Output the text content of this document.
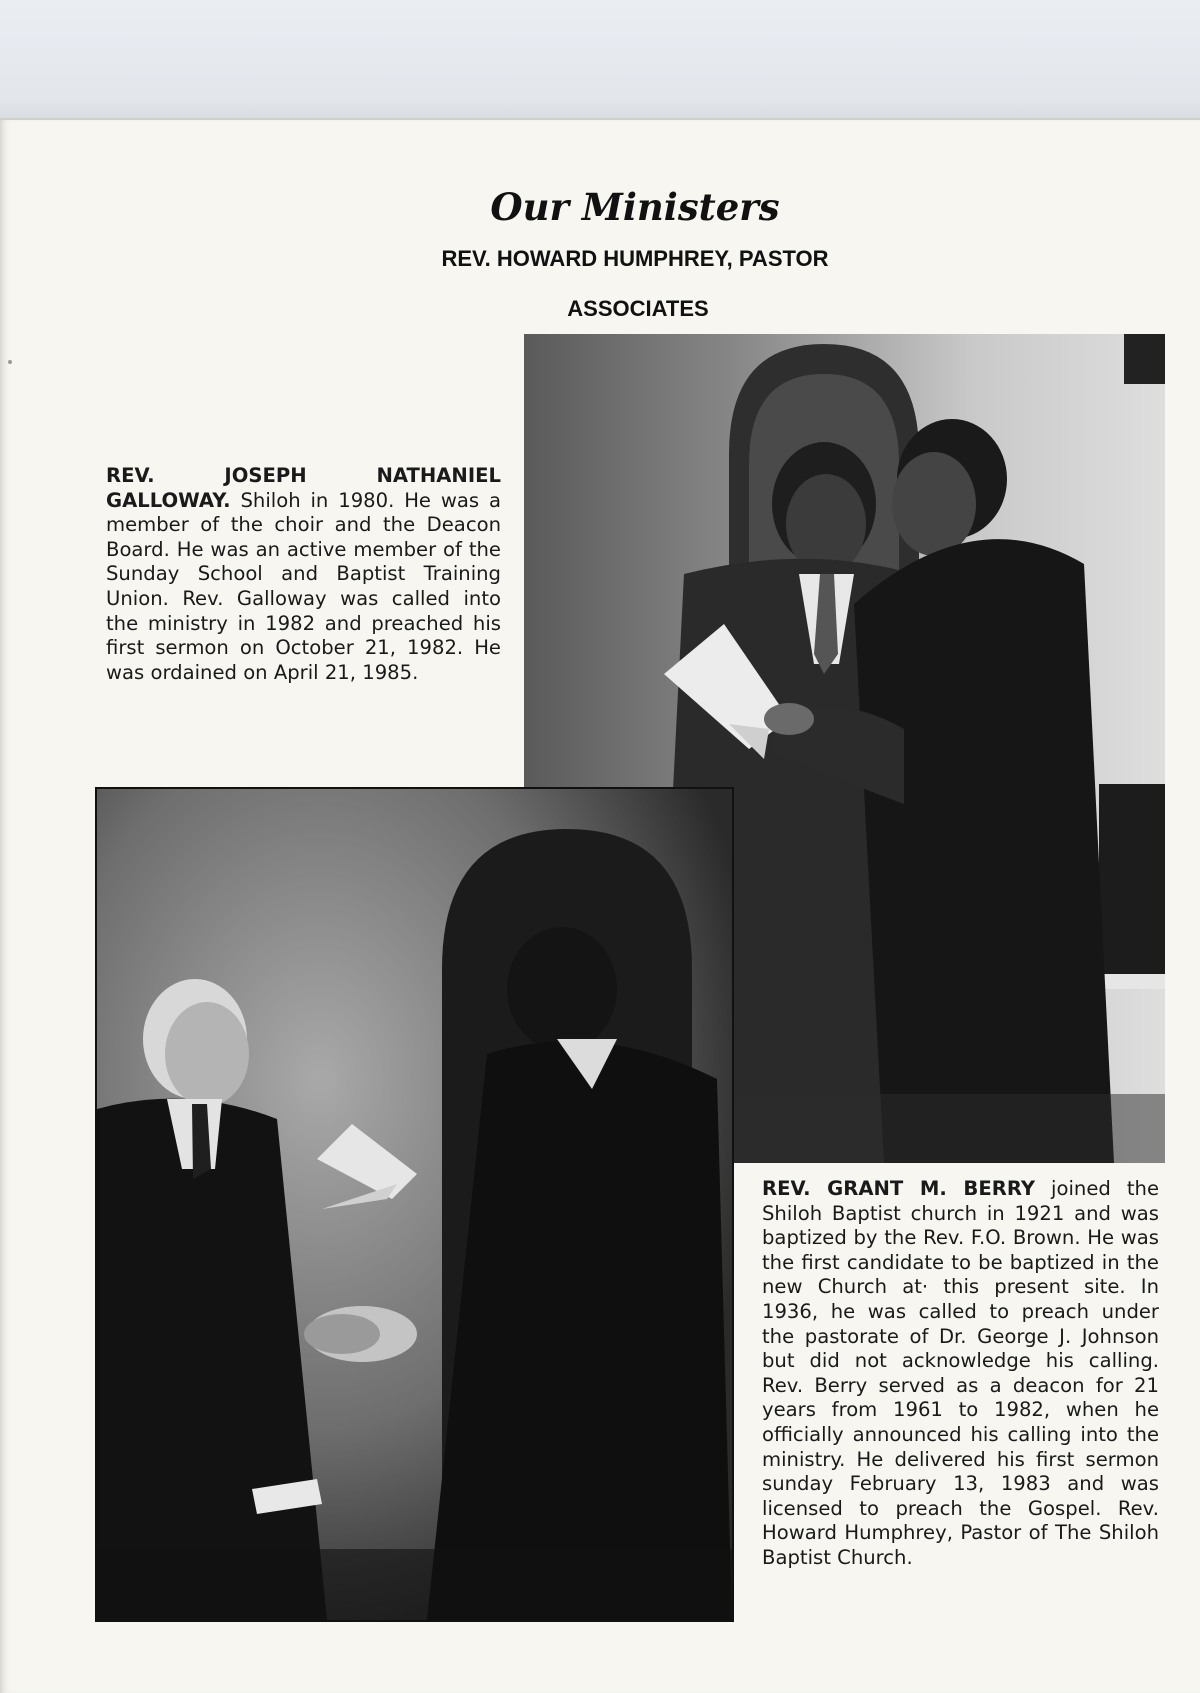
Our Ministers
REV. HOWARD HUMPHREY, PASTOR
ASSOCIATES

REV. JOSEPH NATHANIEL GALLOWAY. Shiloh in 1980. He was a member of the choir and the Deacon Board. He was an active member of the Sunday School and Baptist Training Union. Rev. Galloway was called into the ministry in 1982 and preached his first sermon on October 21, 1982. He was ordained on April 21, 1985.

REV. GRANT M. BERRY joined the Shiloh Baptist church in 1921 and was baptized by the Rev. F.O. Brown. He was the first candidate to be baptized in the new Church at· this present site. In 1936, he was called to preach under the pastorate of Dr. George J. Johnson but did not acknowledge his calling. Rev. Berry served as a deacon for 21 years from 1961 to 1982, when he officially announced his calling into the ministry. He delivered his first sermon sunday February 13, 1983 and was licensed to preach the Gospel. Rev. Howard Humphrey, Pastor of The Shiloh Baptist Church.
